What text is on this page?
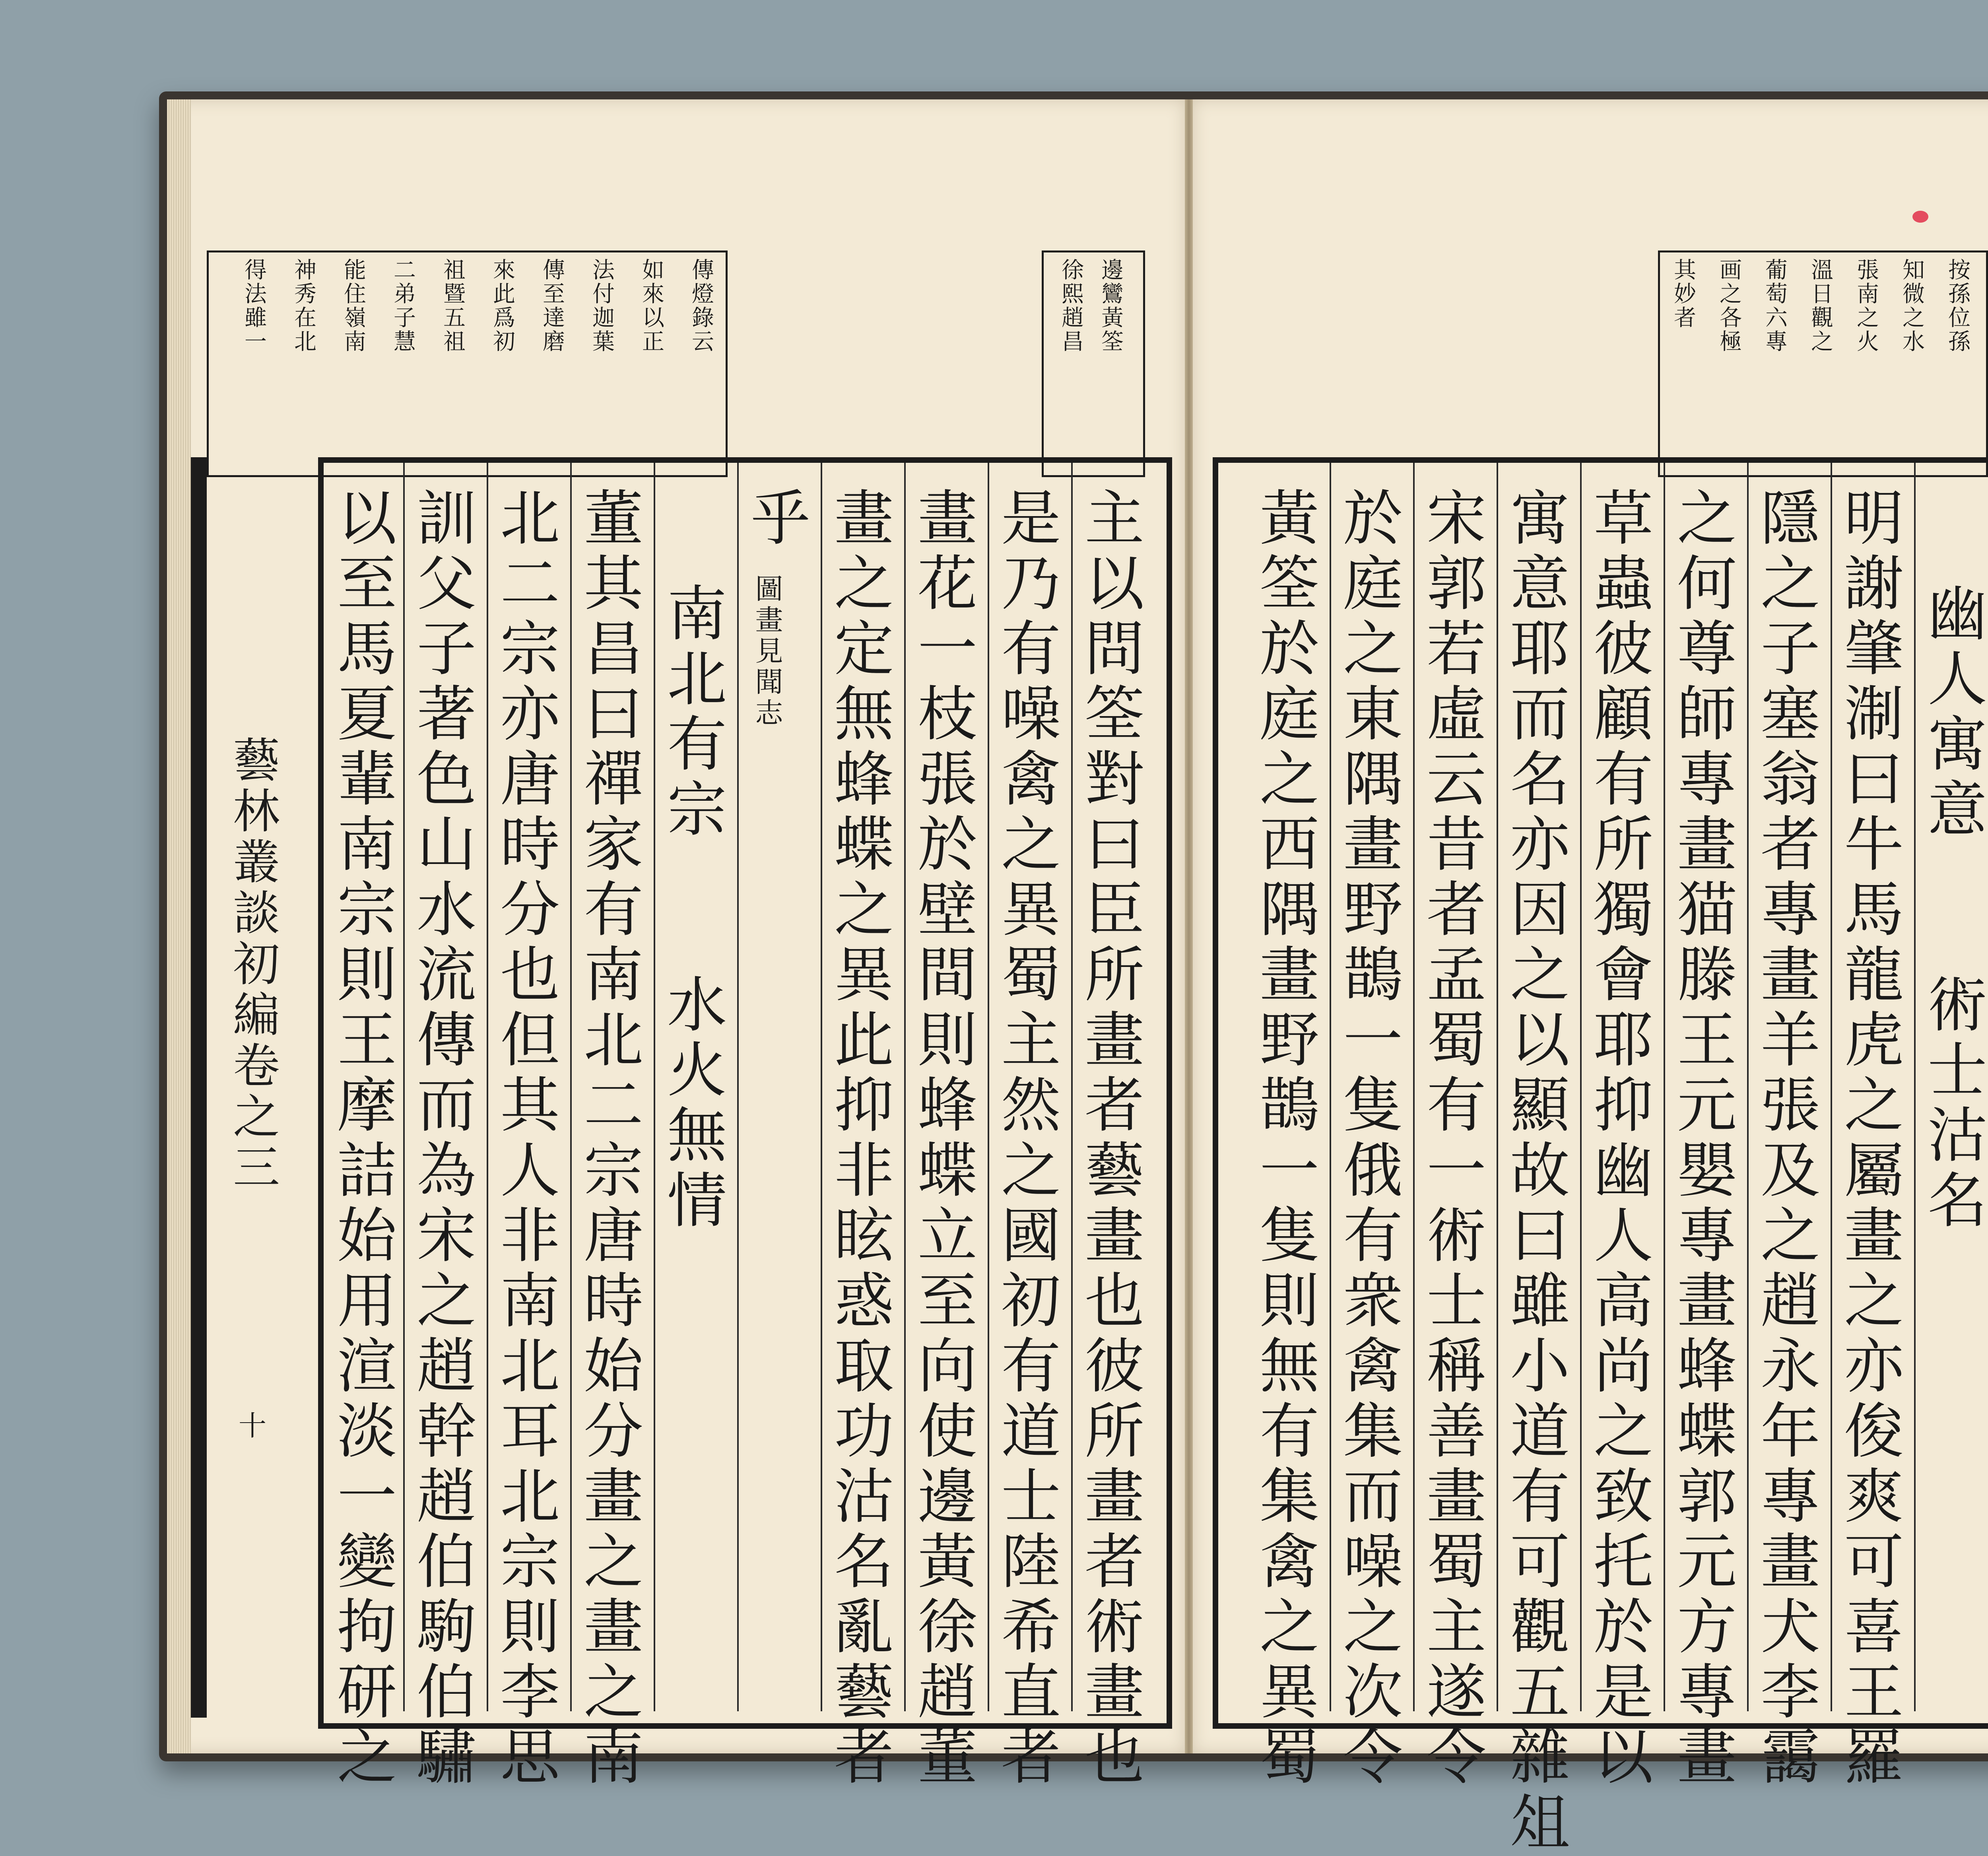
傳燈錄云
如來以正
法付迦葉
傳至達磨
來此爲初
祖暨五祖
二弟子慧
能住嶺南
神秀在北
得法雖一	邊鸞黃筌
徐熙趙昌
主以問筌對曰臣所畫者藝畫也彼所畫者術畫也
是乃有噪禽之異蜀主然之國初有道士陸希直者
畫花一枝張於壁間則蜂蝶立至向使邊黃徐趙董
畫之定無蜂蝶之異此抑非眩惑取功沽名亂藝者
乎
圖畫見聞志
南北有宗　　水火無情
董其昌曰禪家有南北二宗唐時始分畫之畫之南
北二宗亦唐時分也但其人非南北耳北宗則李思
訓父子著色山水流傳而為宋之趙幹趙伯駒伯驌
以至馬夏輩南宗則王摩詰始用渲淡一變拘研之
藝林叢談初編卷之三
十
按孫位孫
知微之水
張南之火
溫日觀之
葡萄六專
画之各極
其妙者
幽人寓意　　術士沽名
明謝肇淛曰牛馬龍虎之屬畫之亦俊爽可喜王羅
隱之子塞翁者專畫羊張及之趙永年專畫犬李靄
之何尊師專畫猫滕王元嬰專畫蜂蝶郭元方專畫
草蟲彼顧有所獨會耶抑幽人高尚之致托於是以
寓意耶而名亦因之以顯故曰雖小道有可觀五雜俎
宋郭若虛云昔者孟蜀有一術士稱善畫蜀主遂令
於庭之東隅畫野鵲一隻俄有衆禽集而噪之次令
黃筌於庭之西隅畫野鵲一隻則無有集禽之異蜀
